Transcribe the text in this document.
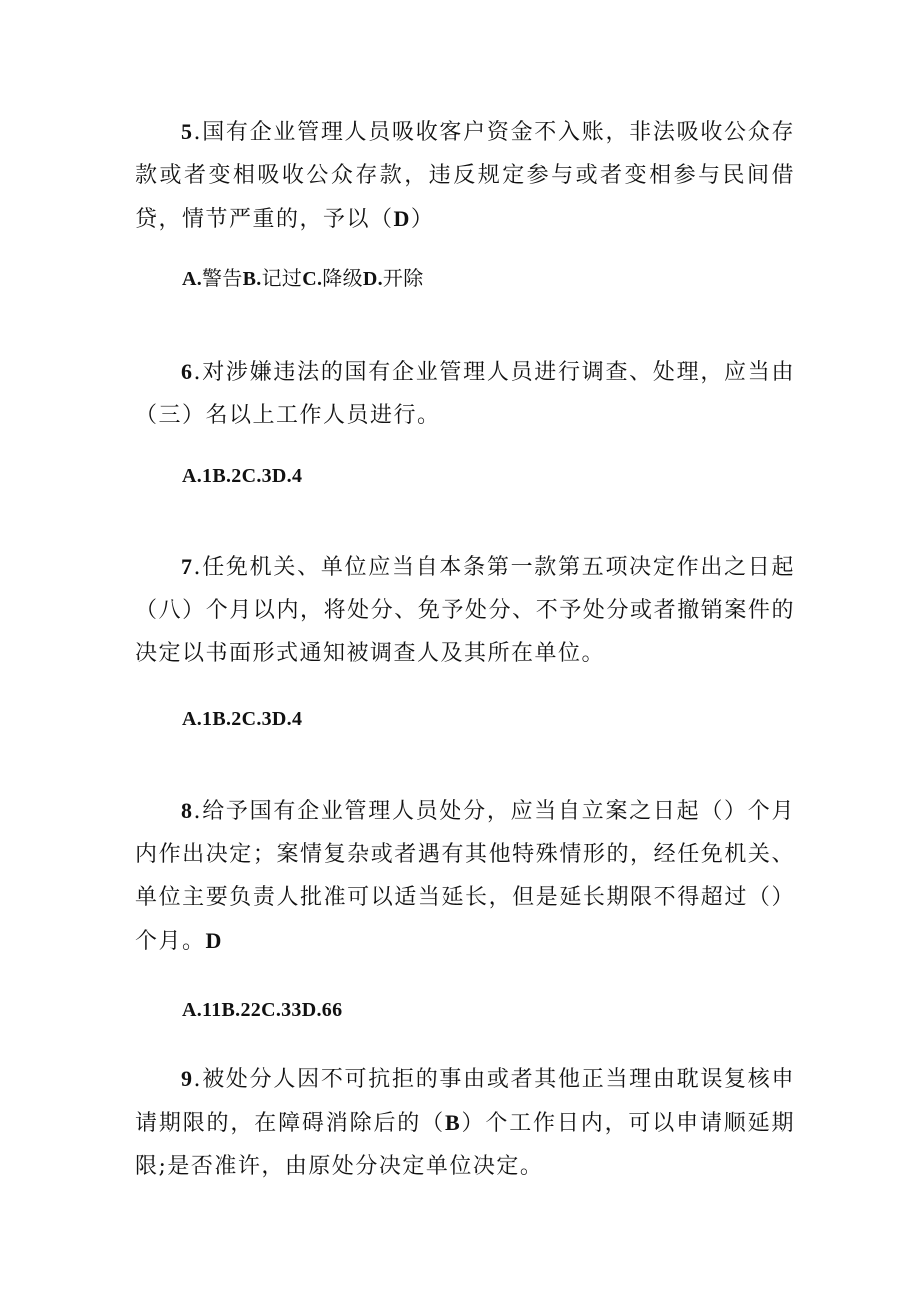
5.国有企业管理人员吸收客户资金不入账，非法吸收公众存款或者变相吸收公众存款，违反规定参与或者变相参与民间借贷，情节严重的，予以（D）

A.警告B.记过C.降级D.开除

6.对涉嫌违法的国有企业管理人员进行调查、处理，应当由（三）名以上工作人员进行。

A.1B.2C.3D.4

7.任免机关、单位应当自本条第一款第五项决定作出之日起（八）个月以内，将处分、免予处分、不予处分或者撤销案件的决定以书面形式通知被调查人及其所在单位。

A.1B.2C.3D.4

8.给予国有企业管理人员处分，应当自立案之日起（）个月内作出决定；案情复杂或者遇有其他特殊情形的，经任免机关、单位主要负责人批准可以适当延长，但是延长期限不得超过（）个月。D

A.11B.22C.33D.66

9.被处分人因不可抗拒的事由或者其他正当理由耽误复核申请期限的，在障碍消除后的（B）个工作日内，可以申请顺延期限;是否准许，由原处分决定单位决定。
